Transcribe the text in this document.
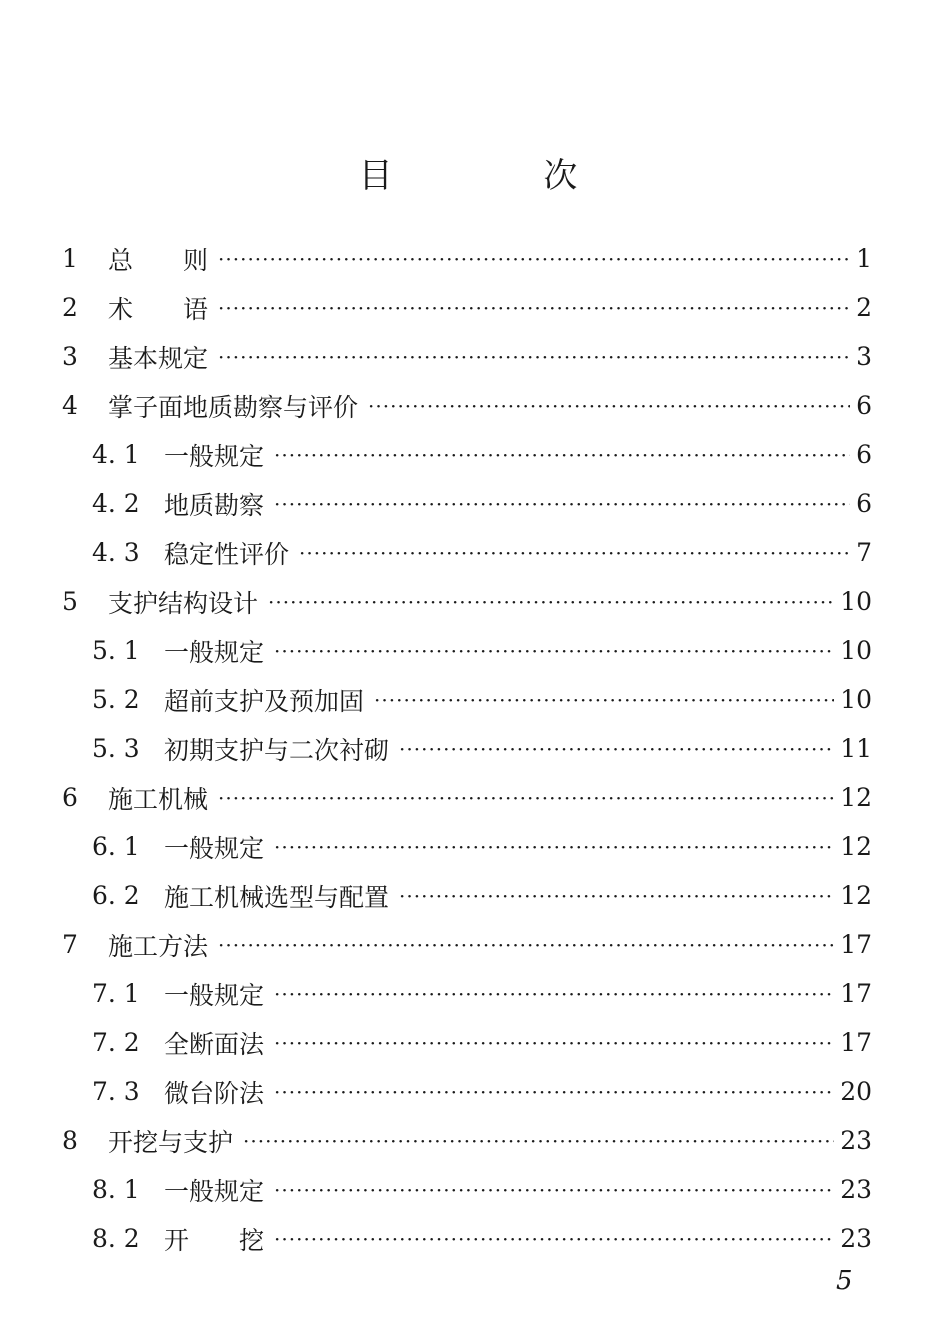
目 次
1	总　　则 ·····	1
2	术　　语 ·····	2
3	基本规定 ·····	3
4	掌子面地质勘察与评价 ·····	6
4. 1 一般规定 ·····	6
4. 2 地质勘察 ·····	6
4. 3 稳定性评价 ·····	7
5	支护结构设计 ·····	10
5. 1 一般规定 ·····	10
5. 2 超前支护及预加固 ·····	10
5. 3 初期支护与二次衬砌 ·····	11
6	施工机械 ·····	12
6. 1 一般规定 ·····	12
6. 2 施工机械选型与配置 ·····	12
7	施工方法 ·····	17
7. 1 一般规定 ·····	17
7. 2 全断面法 ·····	17
7. 3 微台阶法 ·····	20
8	开挖与支护 ·····	23
8. 1 一般规定 ·····	23
8. 2 开　　挖 ·····	23
5
